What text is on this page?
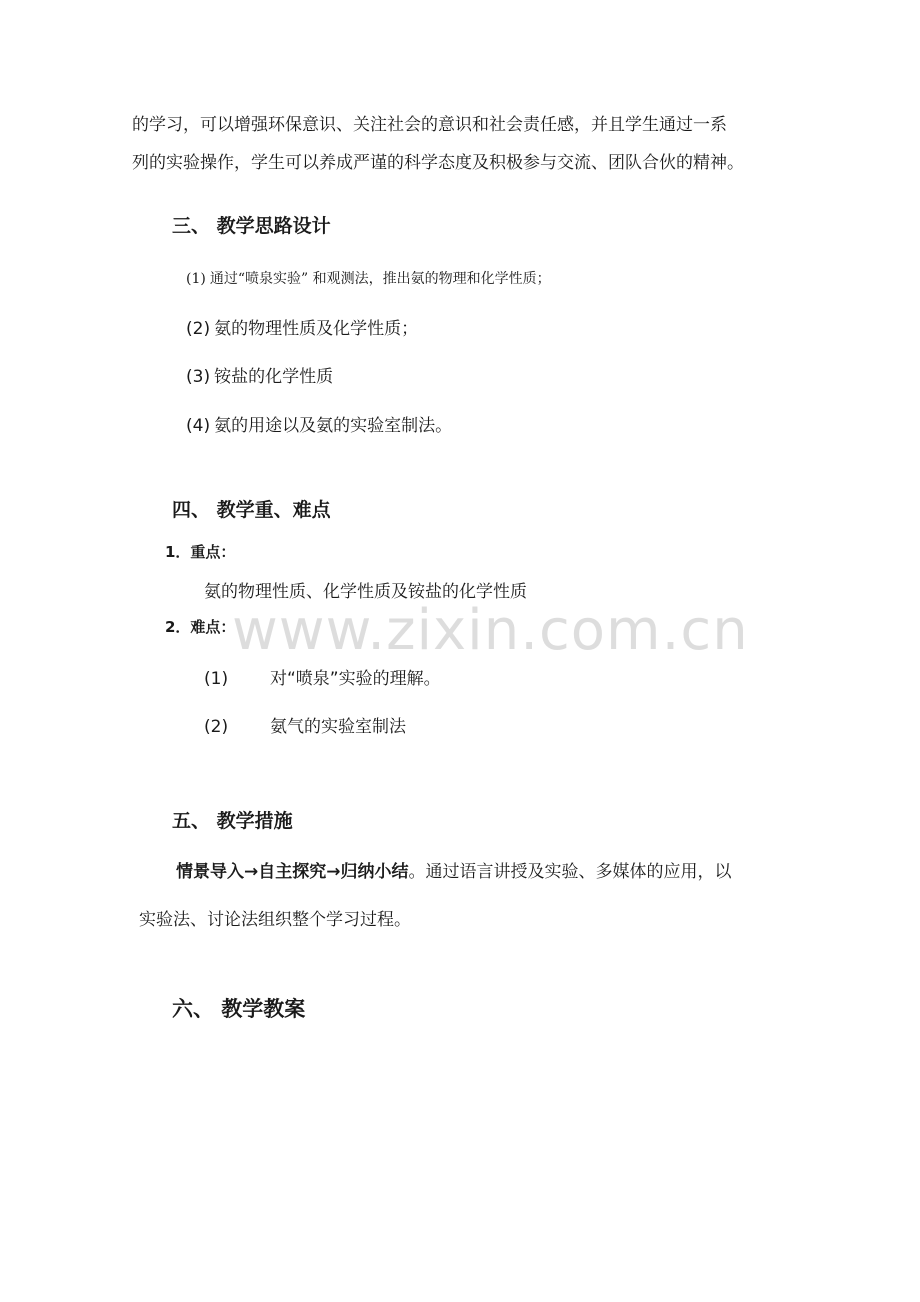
www.zixin.com.cn
的学习，可以增强环保意识、关注社会的意识和社会责任感，并且学生通过一系
列的实验操作，学生可以养成严谨的科学态度及积极参与交流、团队合伙的精神。
三、 教学思路设计
(1) 通过“喷泉实验” 和观测法，推出氨的物理和化学性质；
(2) 氨的物理性质及化学性质；
(3) 铵盐的化学性质
(4) 氨的用途以及氨的实验室制法。
四、 教学重、难点
1．重点：
氨的物理性质、化学性质及铵盐的化学性质
2．难点：
(1) 对“喷泉”实验的理解。
(2) 氨气的实验室制法
五、 教学措施
情景导入→自主探究→归纳小结。通过语言讲授及实验、多媒体的应用，以
实验法、讨论法组织整个学习过程。
六、 教学教案
